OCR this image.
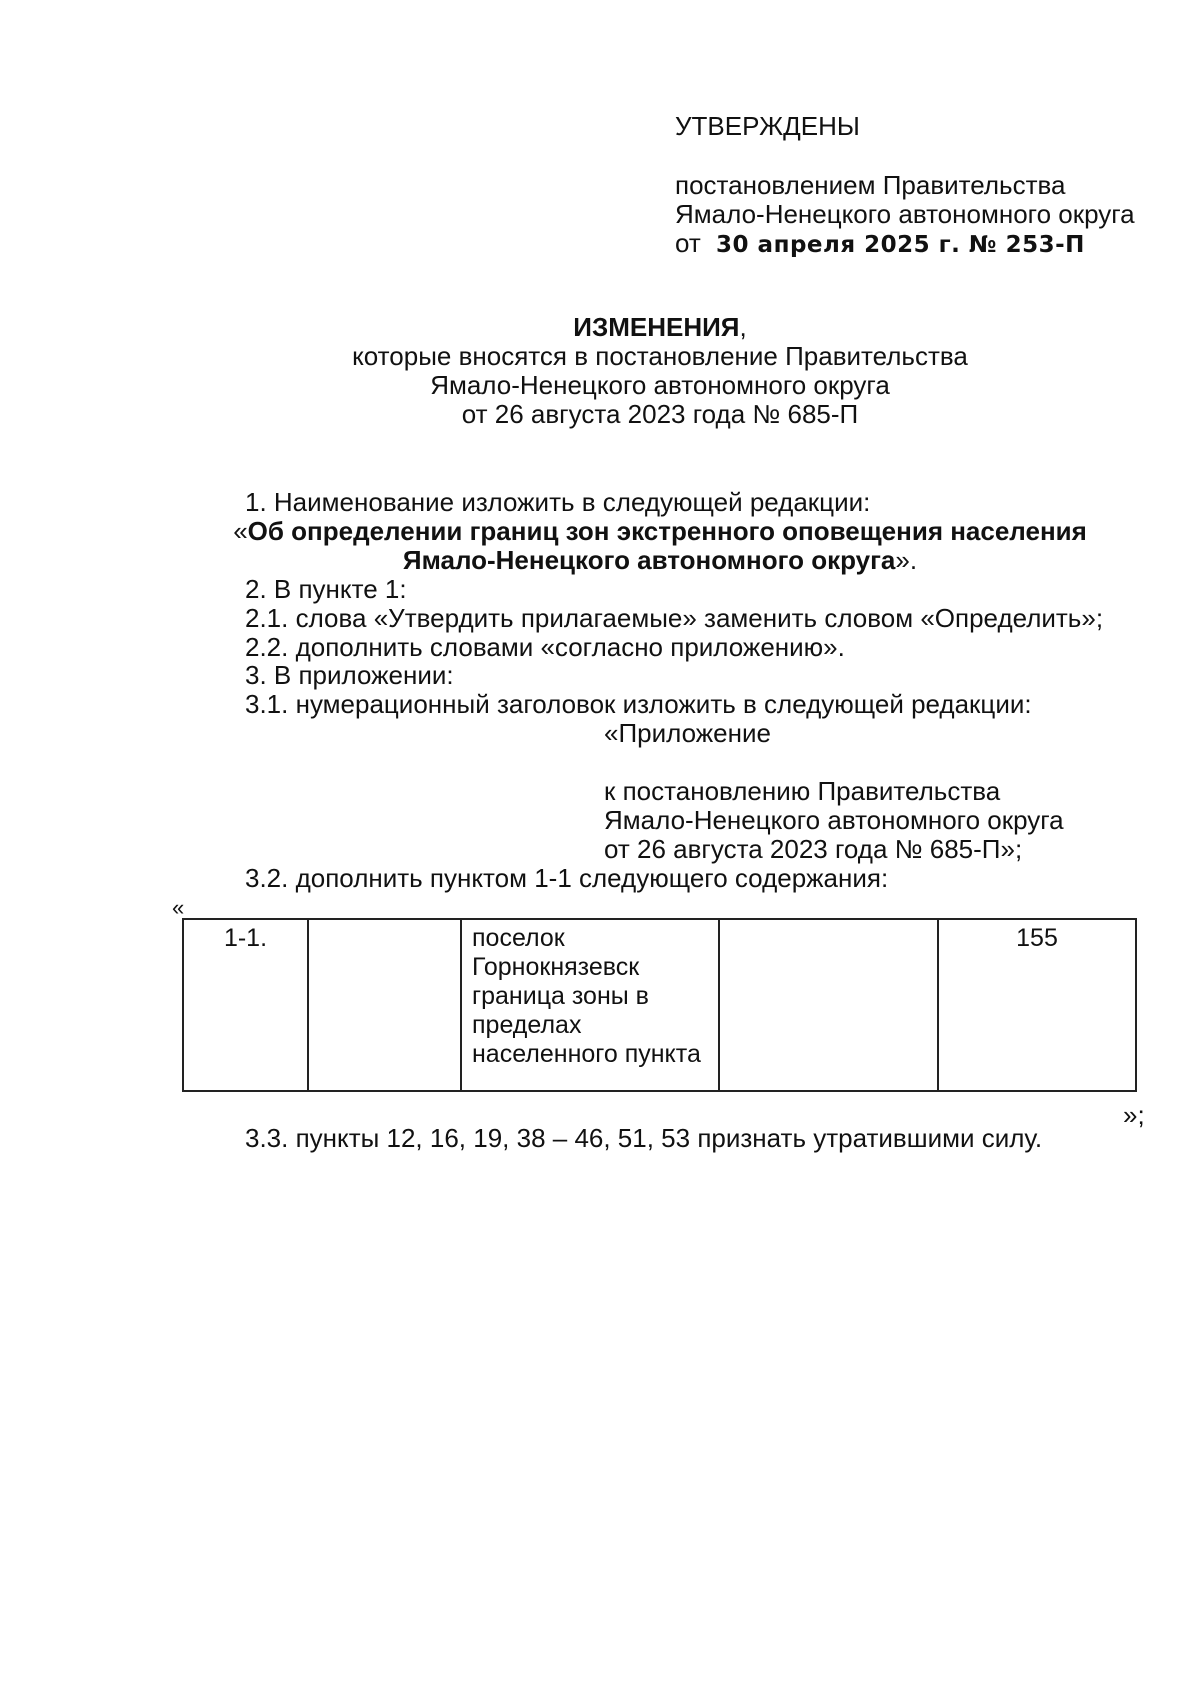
УТВЕРЖДЕНЫ
постановлением Правительства
Ямало-Ненецкого автономного округа
от 30 апреля 2025 г. № 253-П
ИЗМЕНЕНИЯ,
которые вносятся в постановление Правительства
Ямало-Ненецкого автономного округа
от 26 августа 2023 года № 685-П
1. Наименование изложить в следующей редакции:
«Об определении границ зон экстренного оповещения населения
Ямало-Ненецкого автономного округа».
2. В пункте 1:
2.1. слова «Утвердить прилагаемые» заменить словом «Определить»;
2.2. дополнить словами «согласно приложению».
3. В приложении:
3.1. нумерационный заголовок изложить в следующей редакции:
«Приложение
к постановлению Правительства
Ямало-Ненецкого автономного округа
от 26 августа 2023 года № 685-П»;
3.2. дополнить пунктом 1-1 следующего содержания:
«
1-1.		поселок Горнокнязевск граница зоны в пределах населенного пункта		155
»;
3.3. пункты 12, 16, 19, 38 – 46, 51, 53 признать утратившими силу.
